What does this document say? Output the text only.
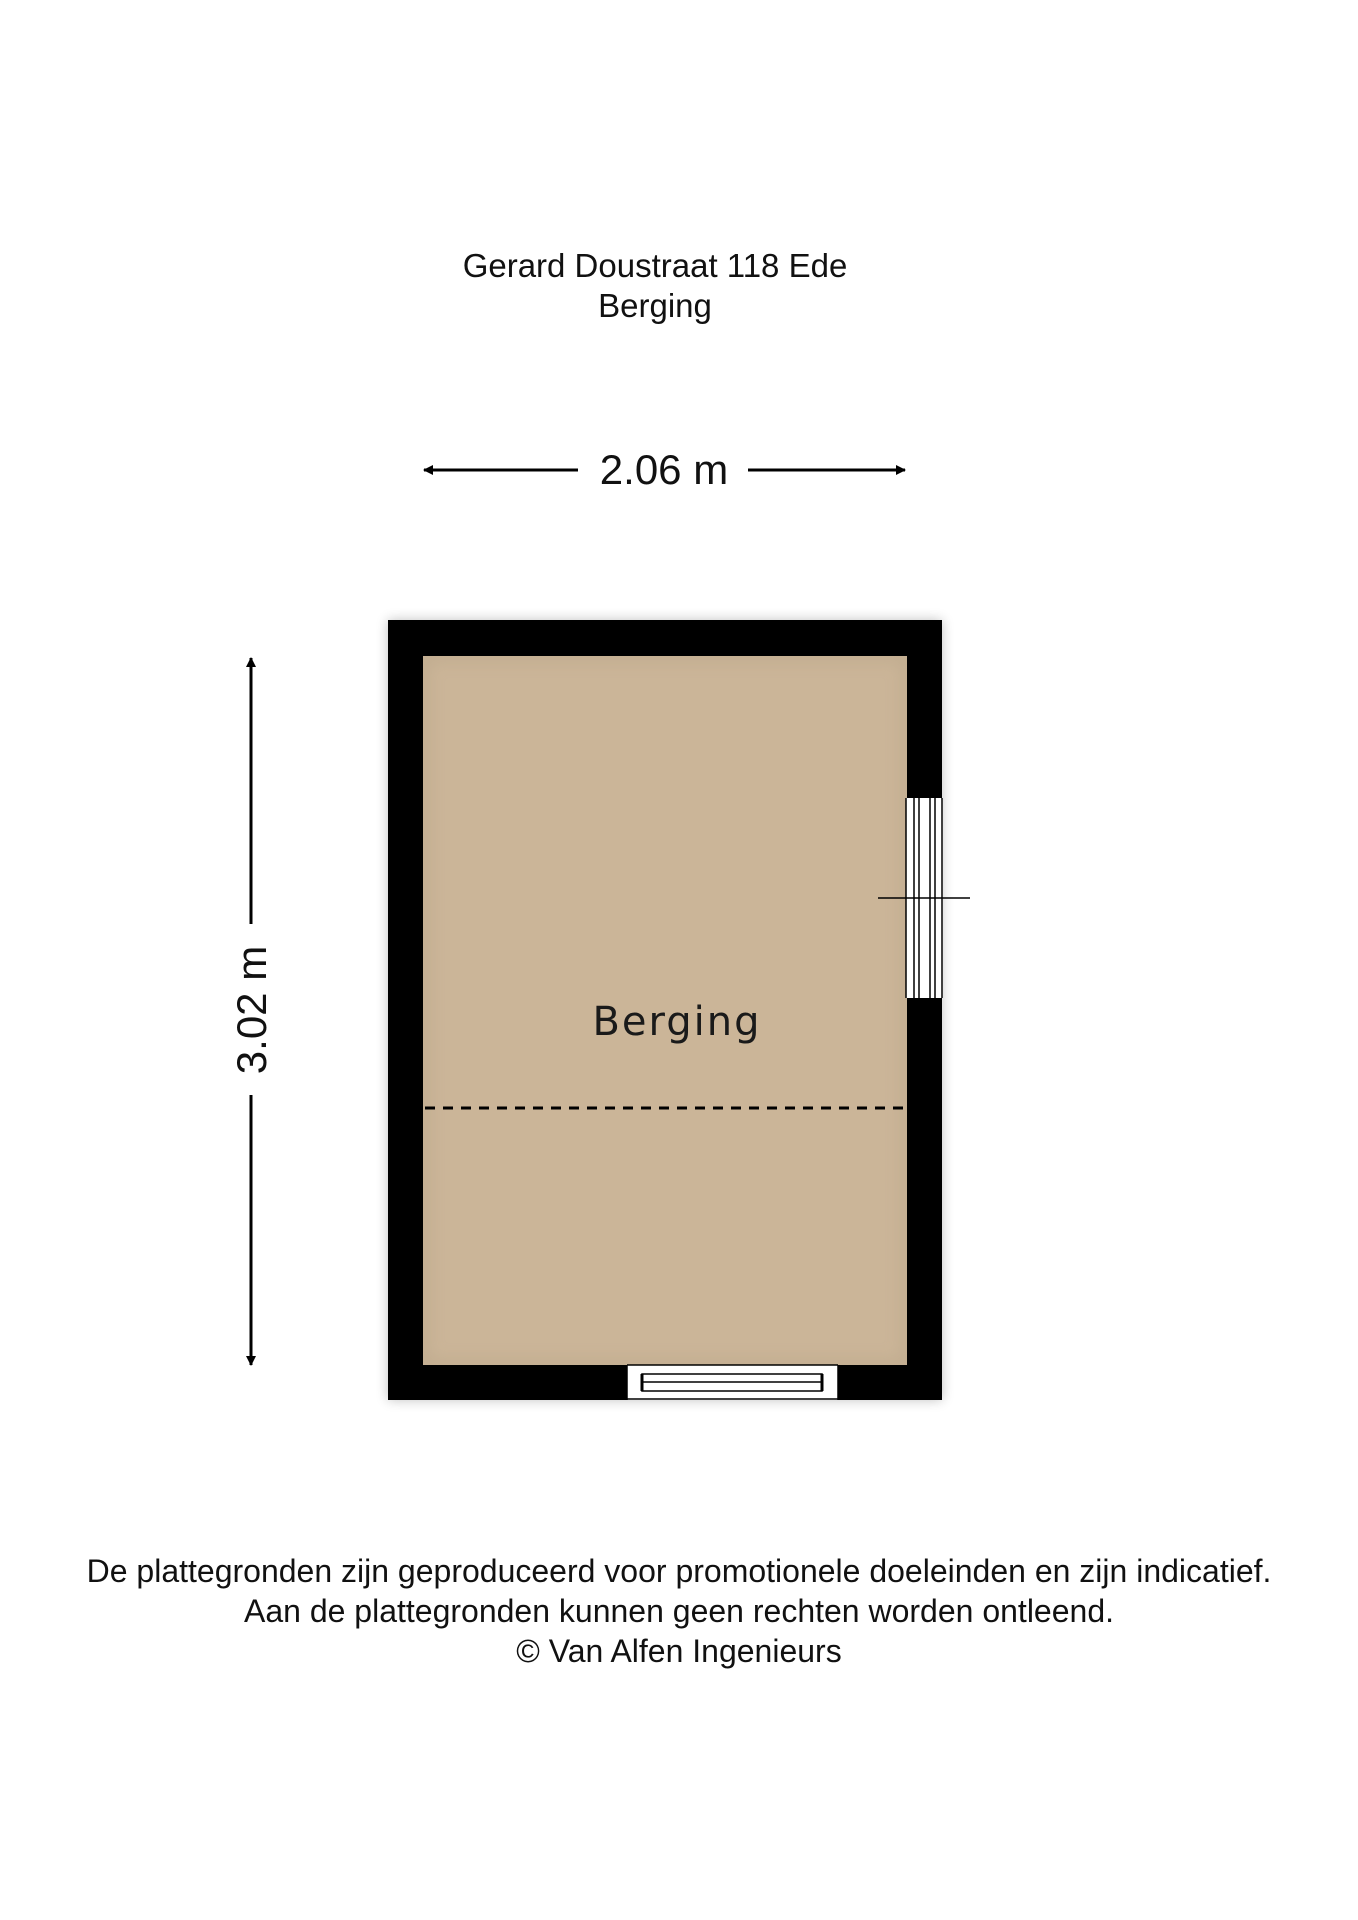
Gerard Doustraat 118 Ede
Berging
2.06 m
3.02 m	Berging
De plattegronden zijn geproduceerd voor promotionele doeleinden en zijn indicatief.
Aan de plattegronden kunnen geen rechten worden ontleend.
© Van Alfen Ingenieurs
